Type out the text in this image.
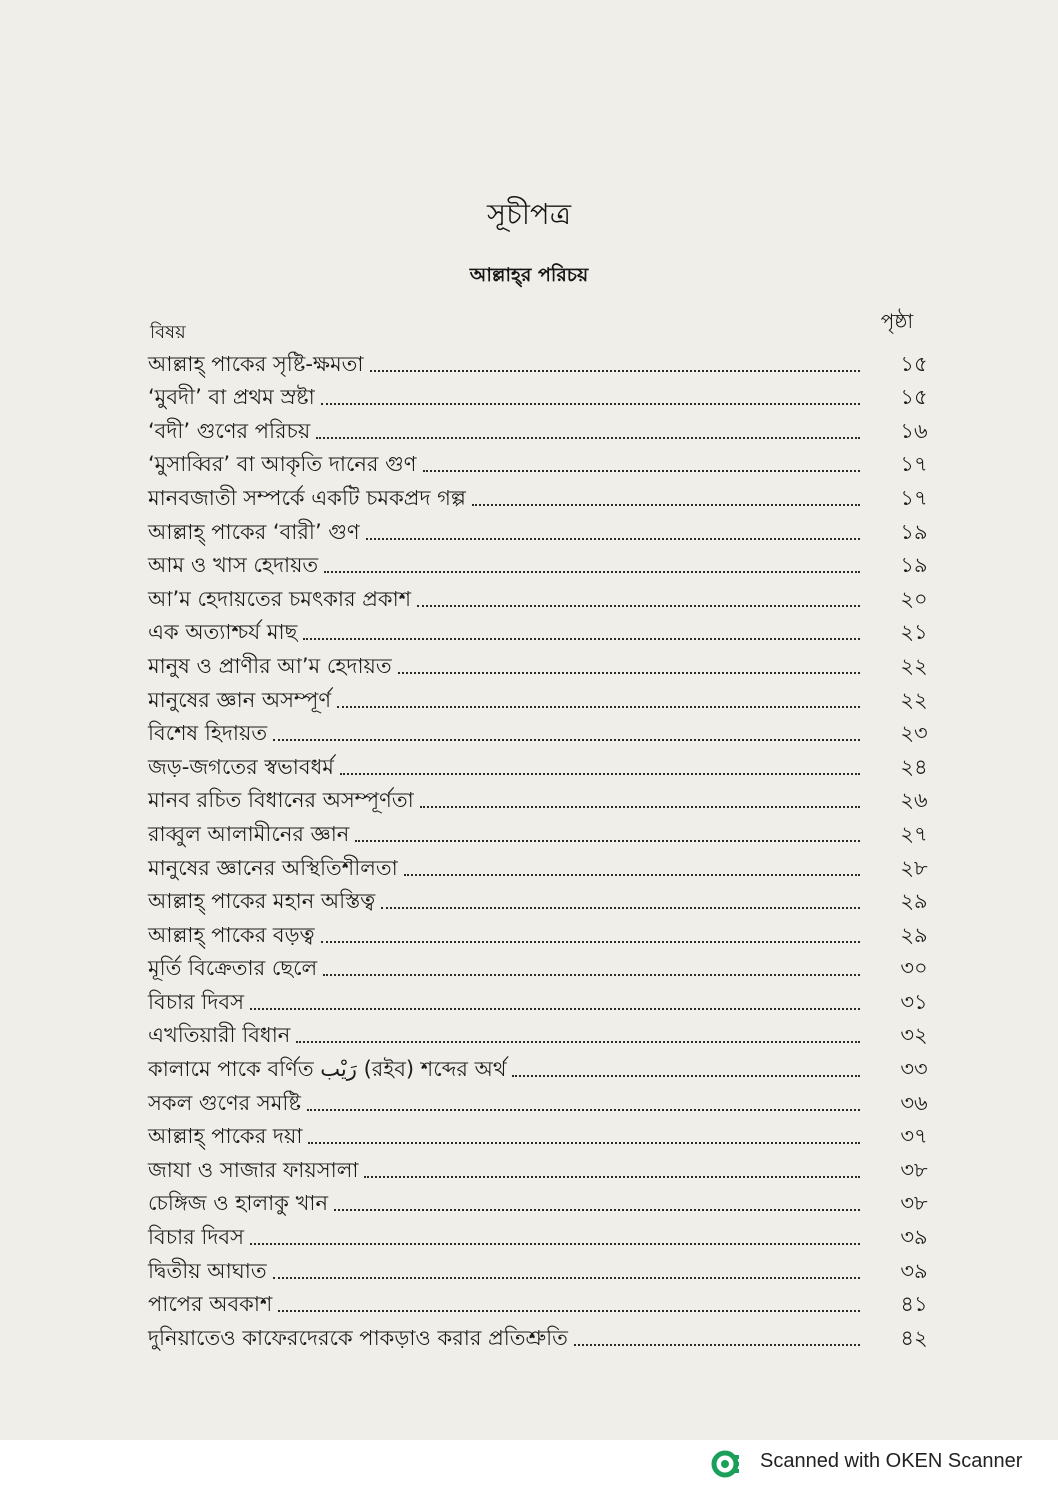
সূচীপত্র
আল্লাহ্‌র পরিচয়
বিষয়	পৃষ্ঠা
আল্লাহ্‌ পাকের সৃষ্টি-ক্ষমতা	১৫
‘মুবদী’ বা প্রথম স্রষ্টা	১৫
‘বদী’ গুণের পরিচয়	১৬
‘মুসাব্বির’ বা আকৃতি দানের গুণ	১৭
মানবজাতী সম্পর্কে একটি চমকপ্রদ গল্প	১৭
আল্লাহ্‌ পাকের ‘বারী’ গুণ	১৯
আম ও খাস হেদায়ত	১৯
আ’ম হেদায়তের চমৎকার প্রকাশ	২০
এক অত্যাশ্চর্য মাছ	২১
মানুষ ও প্রাণীর আ’ম হেদায়ত	২২
মানুষের জ্ঞান অসম্পূর্ণ	২২
বিশেষ হিদায়ত	২৩
জড়-জগতের স্বভাবধর্ম	২৪
মানব রচিত বিধানের অসম্পূর্ণতা	২৬
রাব্বুল আলামীনের জ্ঞান	২৭
মানুষের জ্ঞানের অস্থিতিশীলতা	২৮
আল্লাহ্‌ পাকের মহান অস্তিত্ব	২৯
আল্লাহ্‌ পাকের বড়ত্ব	২৯
মূর্তি বিক্রেতার ছেলে	৩০
বিচার দিবস	৩১
এখতিয়ারী বিধান	৩২
কালামে পাকে বর্ণিত رَيْب (রইব) শব্দের অর্থ	৩৩
সকল গুণের সমষ্টি	৩৬
আল্লাহ্‌ পাকের দয়া	৩৭
জাযা ও সাজার ফায়সালা	৩৮
চেঙ্গিজ ও হালাকু খান	৩৮
বিচার দিবস	৩৯
দ্বিতীয় আঘাত	৩৯
পাপের অবকাশ	৪১
দুনিয়াতেও কাফেরদেরকে পাকড়াও করার প্রতিশ্রুতি	৪২
Scanned with OKEN Scanner
